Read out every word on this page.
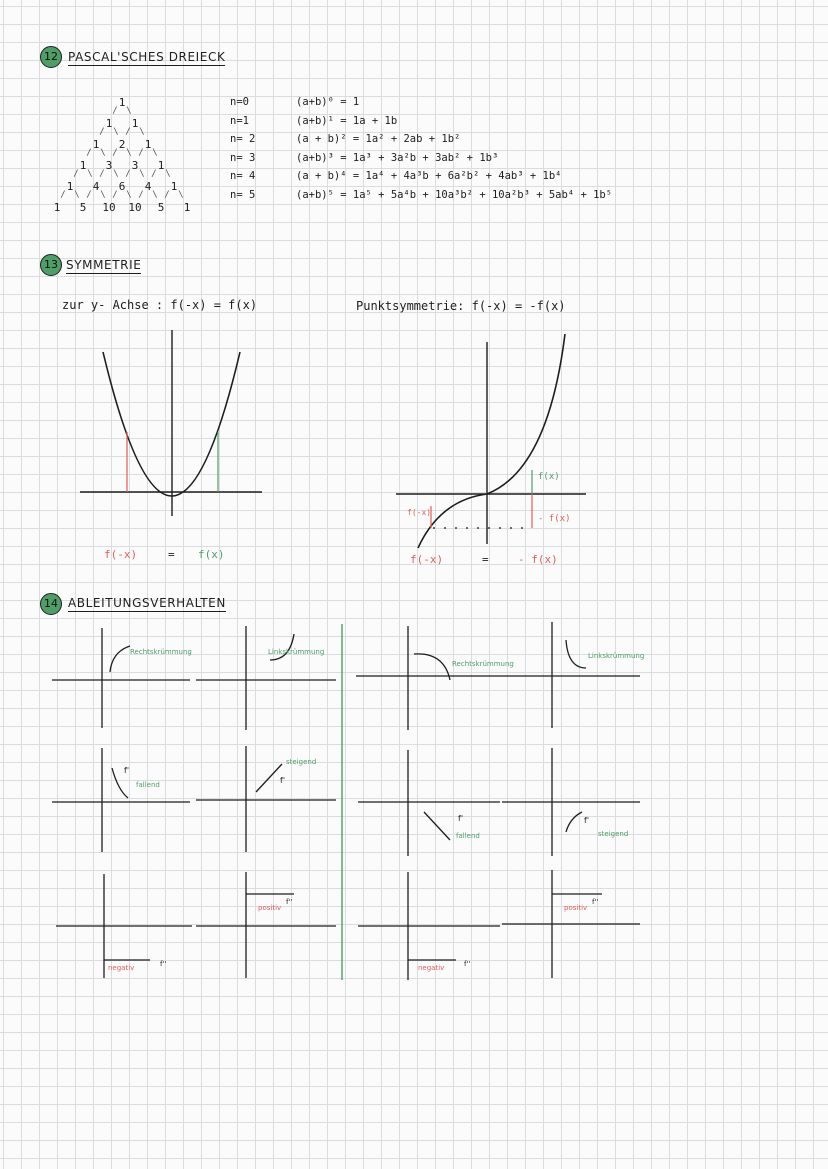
12 PASCAL'SCHES DREIECK
1
/ \
1
/ \
1
/ \
1
/ \
2
/ \
1
/ \
1
/ \
3
/ \
3
/ \
1
/ \
1
/ \
4
/ \
6
/ \
4
/ \
1
/ \
1 5 10 10 5 1
n=0	(a+b)⁰ = 1
n=1	(a+b)¹ = 1a + 1b
n= 2	(a + b)² = 1a² + 2ab + 1b²
n= 3	(a+b)³ = 1a³ + 3a²b + 3ab² + 1b³
n= 4	(a + b)⁴ = 1a⁴ + 4a³b + 6a²b² + 4ab³ + 1b⁴
n= 5	(a+b)⁵ = 1a⁵ + 5a⁴b + 10a³b² + 10a²b³ + 5ab⁴ + 1b⁵
13 SYMMETRIE
zur y- Achse : f(-x) = f(x)	Punktsymmetrie: f(-x) = -f(x)
f(-x)	= f(x)
f(x)
- f(x)
f(-x)
f(-x)	=	- f(x)
14 ABLEITUNGSVERHALTEN
Rechtskrümmung	Linkskrümmung
Rechtskrümmung
Linkskrümmung
f'
fallend	f'
steigend
f'
fallend
f'
steigend
negativ	f''
positiv
f''
negativ	f''
positiv
f''
